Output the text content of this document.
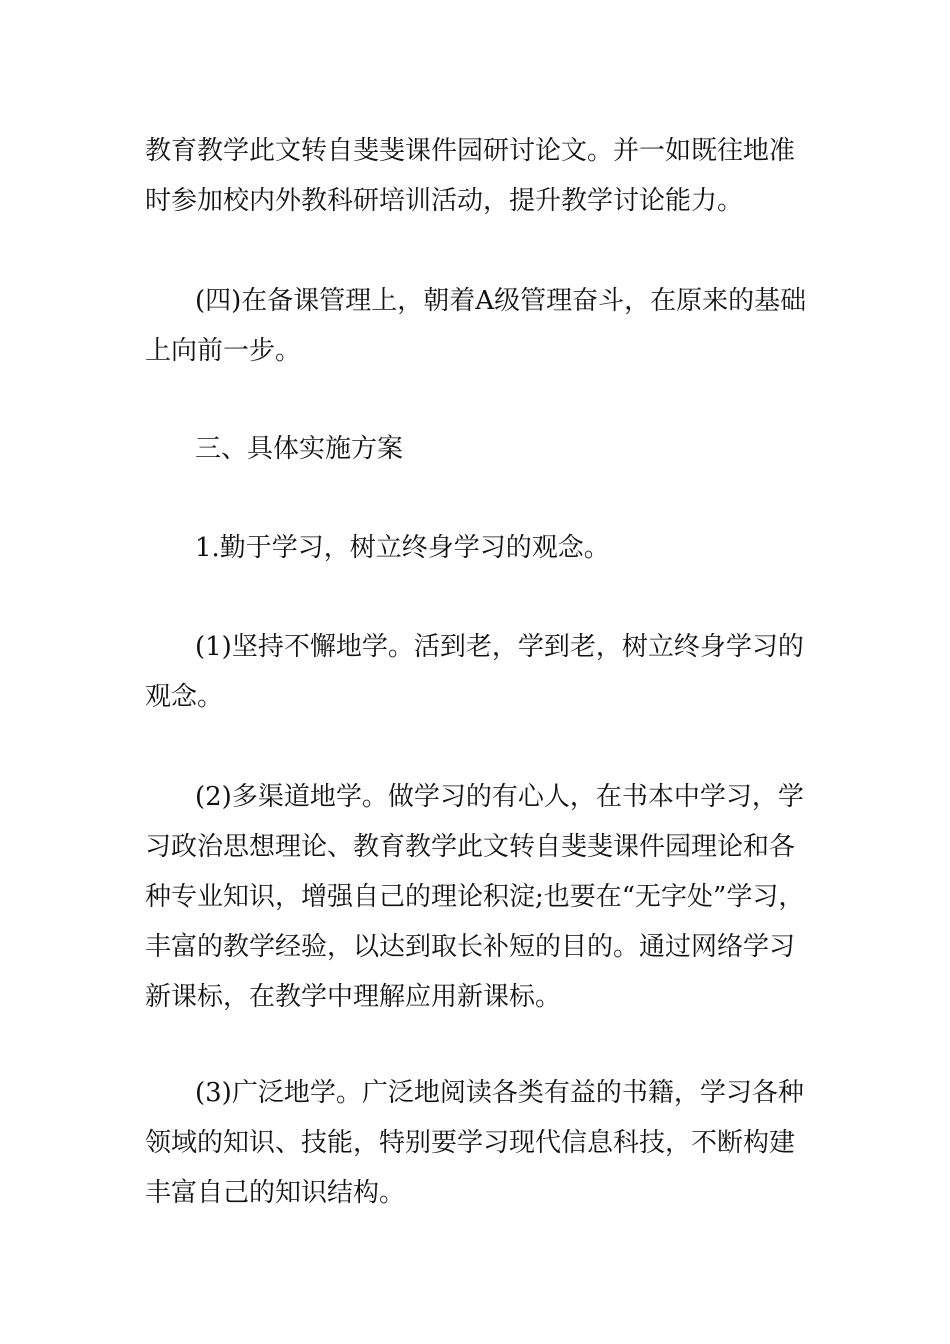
教育教学此文转自斐斐课件园研讨论文。并一如既往地准
时参加校内外教科研培训活动，提升教学讨论能力。
(四)在备课管理上，朝着A级管理奋斗，在原来的基础
上向前一步。
三、具体实施方案
1.勤于学习，树立终身学习的观念。
(1)坚持不懈地学。活到老，学到老，树立终身学习的
观念。
(2)多渠道地学。做学习的有心人，在书本中学习，学
习政治思想理论、教育教学此文转自斐斐课件园理论和各
种专业知识，增强自己的理论积淀;也要在“无字处”学习，
丰富的教学经验，以达到取长补短的目的。通过网络学习
新课标，在教学中理解应用新课标。
(3)广泛地学。广泛地阅读各类有益的书籍，学习各种
领域的知识、技能，特别要学习现代信息科技，不断构建
丰富自己的知识结构。
